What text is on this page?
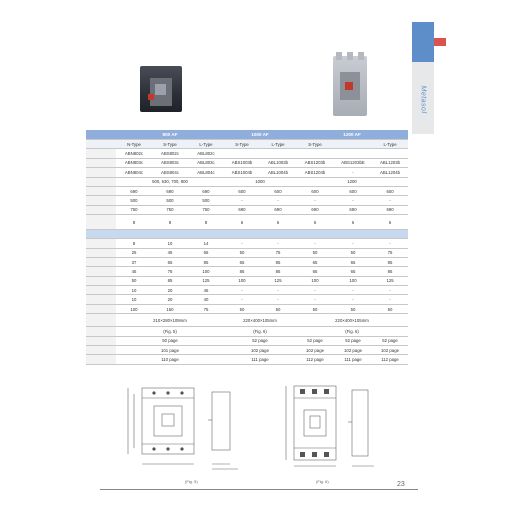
Metasol
	800 AF			1000 AF		1200 AF		
	N-Type	S-Type	L-Type	S-Type	L-Type	S-Type		L-Type
	ABN802c	ABS802c	ABL802c					
	ABN803c	ABS803c	ABL803c	ABS1003b	ABL1003b	ABS1203b	ABS1203bE	ABL1203b
	ABN804c	ABS804c	ABL804c	ABS1004b	ABL1004b	ABS1204b	-	ABL1204b
	500, 630, 700, 800			1000		1200		
	690	690	690	600	600	600	600	600
	500	500	500	-	-	-	-	-
	750	750	750	690	690	690	690	690
	8	8	8	6	6	6	6	6

	8	10	14	-	-	-	-	-
	25	45	65	50	75	50	50	75
	37	65	85	65	85	65	65	85
	45	75	100	85	85	65	65	85
	50	85	125	100	125	100	100	125
	10	20	45	-	-	-	-	-
	10	20	40	-	-	-	-	-
	100	150	75	50	50	50	50	50
	210×280×109mm			220×400×105mm		220×400×105mm		
	(Fig. 5)			(Fig. 6)		(Fig. 6)		
	50 page			52 page		52 page	52 page	52 page
	101 page			102 page		102 page	102 page	102 page
	110 page			111 page		112 page	111 page	112 page
(Fig. 5)	(Fig. 6)	23
